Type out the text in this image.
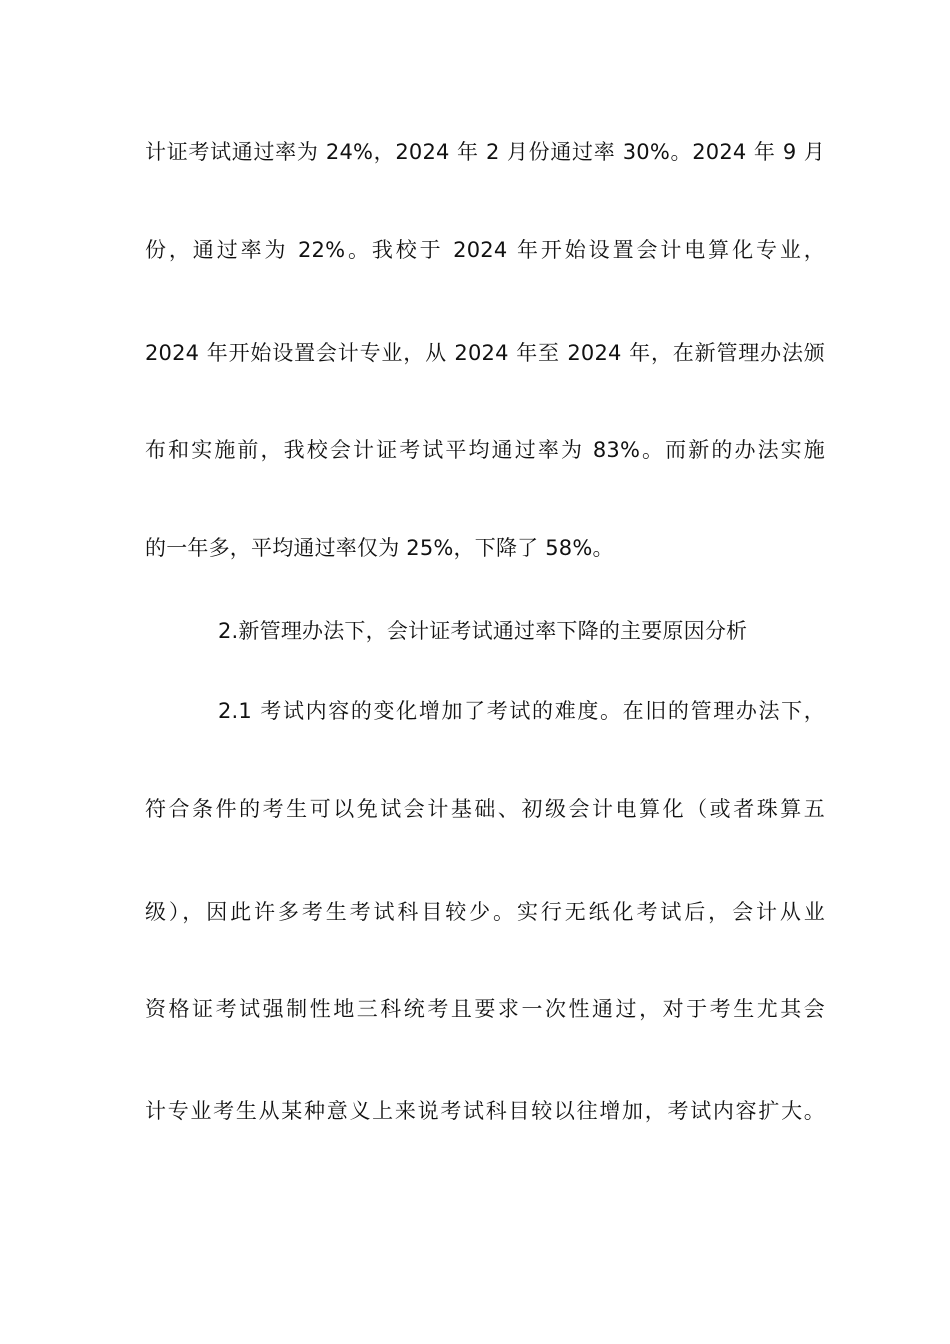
计证考试通过率为 24%，2024 年 2 月份通过率 30%。2024 年 9 月
份，通过率为 22%。我校于 2024 年开始设置会计电算化专业，
2024 年开始设置会计专业，从 2024 年至 2024 年，在新管理办法颁
布和实施前，我校会计证考试平均通过率为 83%。而新的办法实施
的一年多，平均通过率仅为 25%，下降了 58%。
2.新管理办法下，会计证考试通过率下降的主要原因分析
2.1 考试内容的变化增加了考试的难度。在旧的管理办法下，
符合条件的考生可以免试会计基础、初级会计电算化（或者珠算五
级），因此许多考生考试科目较少。实行无纸化考试后，会计从业
资格证考试强制性地三科统考且要求一次性通过，对于考生尤其会
计专业考生从某种意义上来说考试科目较以往增加，考试内容扩大。
